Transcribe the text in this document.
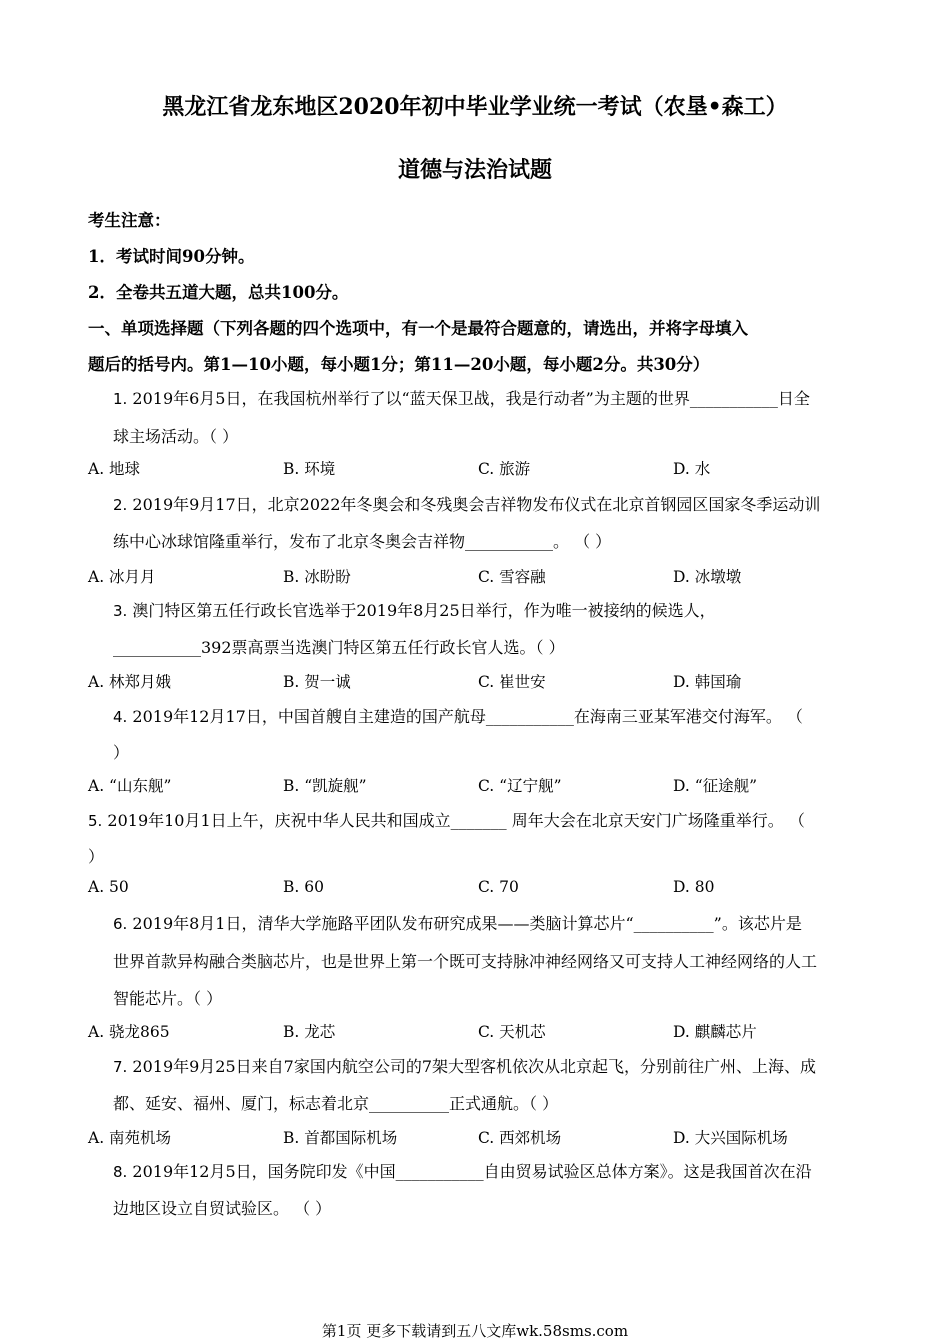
黑龙江省龙东地区2020年初中毕业学业统一考试（农垦•森工）
道德与法治试题
考生注意：
1．考试时间90分钟。
2．全卷共五道大题，总共100分。
一、单项选择题（下列各题的四个选项中，有一个是最符合题意的，请选出，并将字母填入
题后的括号内。第1—10小题，每小题1分；第11—20小题，每小题2分。共30分）
1. 2019年6月5日，在我国杭州举行了以“蓝天保卫战，我是行动者”为主题的世界___________日全
球主场活动。（ ）
A. 地球	B. 环境	C. 旅游	D. 水
2. 2019年9月17日，北京2022年冬奥会和冬残奥会吉祥物发布仪式在北京首钢园区国家冬季运动训
练中心冰球馆隆重举行，发布了北京冬奥会吉祥物___________。 （ ）
A. 冰月月	B. 冰盼盼	C. 雪容融	D. 冰墩墩
3. 澳门特区第五任行政长官选举于2019年8月25日举行，作为唯一被接纳的候选人，
___________392票高票当选澳门特区第五任行政长官人选。（ ）
A. 林郑月娥	B. 贺一诚	C. 崔世安	D. 韩国瑜
4. 2019年12月17日，中国首艘自主建造的国产航母___________在海南三亚某军港交付海军。 （
）
A. “山东舰”	B. “凯旋舰”	C. “辽宁舰”	D. “征途舰”
5. 2019年10月1日上午，庆祝中华人民共和国成立_______ 周年大会在北京天安门广场隆重举行。 （
）
A. 50	B. 60	C. 70	D. 80
6. 2019年8月1日，清华大学施路平团队发布研究成果——类脑计算芯片“__________”。该芯片是
世界首款异构融合类脑芯片，也是世界上第一个既可支持脉冲神经网络又可支持人工神经网络的人工
智能芯片。（ ）
A. 骁龙865	B. 龙芯	C. 天机芯	D. 麒麟芯片
7. 2019年9月25日来自7家国内航空公司的7架大型客机依次从北京起飞，分别前往广州、上海、成
都、延安、福州、厦门，标志着北京__________正式通航。（ ）
A. 南苑机场	B. 首都国际机场	C. 西郊机场	D. 大兴国际机场
8. 2019年12月5日，国务院印发《中国___________自由贸易试验区总体方案》。这是我国首次在沿
边地区设立自贸试验区。 （ ）
第1页 更多下载请到五八文库wk.58sms.com
